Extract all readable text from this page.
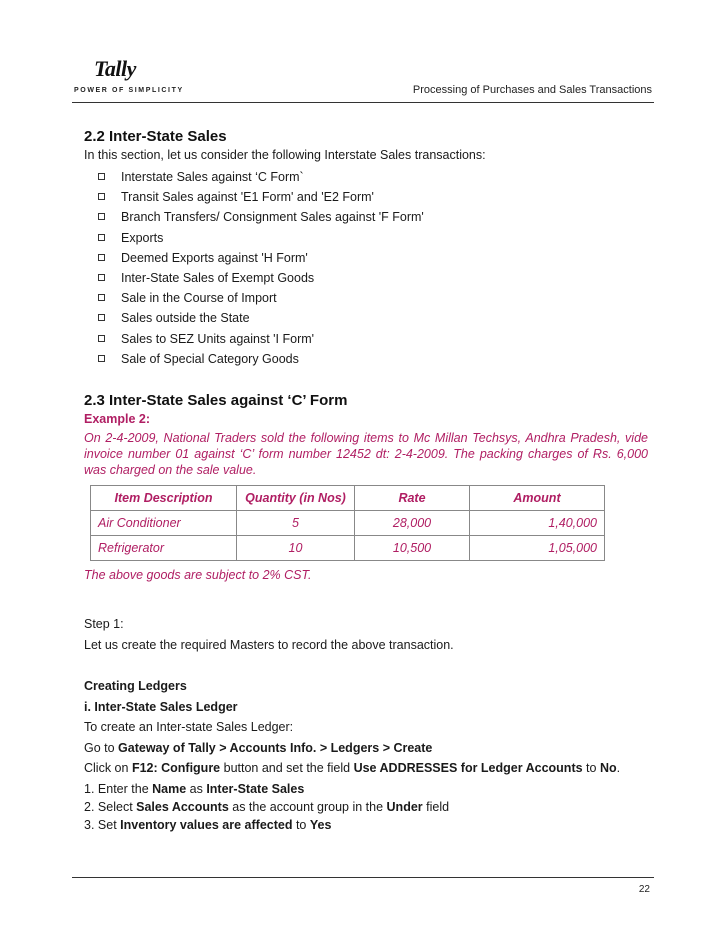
Tally
POWER OF SIMPLICITY	Processing of Purchases and Sales Transactions
2.2 Inter-State Sales

In this section, let us consider the following Interstate Sales transactions:

Interstate Sales against ‘C Form`
Transit Sales against 'E1 Form' and 'E2 Form'
Branch Transfers/ Consignment Sales against 'F Form'
Exports
Deemed Exports against 'H Form'
Inter-State Sales of Exempt Goods
Sale in the Course of Import
Sales outside the State
Sales to SEZ Units against 'I Form'
Sale of Special Category Goods
2.3 Inter-State Sales against ‘C’ Form
Example 2:
On 2-4-2009, National Traders sold the following items to Mc Millan Techsys, Andhra Pradesh, vide invoice number 01 against ‘C’ form number 12452 dt: 2-4-2009. The packing charges of Rs. 6,000 was charged on the sale value.
Item Description	Quantity (in Nos)	Rate	Amount
Air Conditioner	5	28,000	1,40,000
Refrigerator	10	10,500	1,05,000
The above goods are subject to 2% CST.

Step 1:

Let us create the required Masters to record the above transaction.

Creating Ledgers

i. Inter-State Sales Ledger

To create an Inter-state Sales Ledger:

Go to Gateway of Tally > Accounts Info. > Ledgers > Create

Click on F12: Configure button and set the field Use ADDRESSES for Ledger Accounts to No.

1. Enter the Name as Inter-State Sales
2. Select Sales Accounts as the account group in the Under field
3. Set Inventory values are affected to Yes
22
